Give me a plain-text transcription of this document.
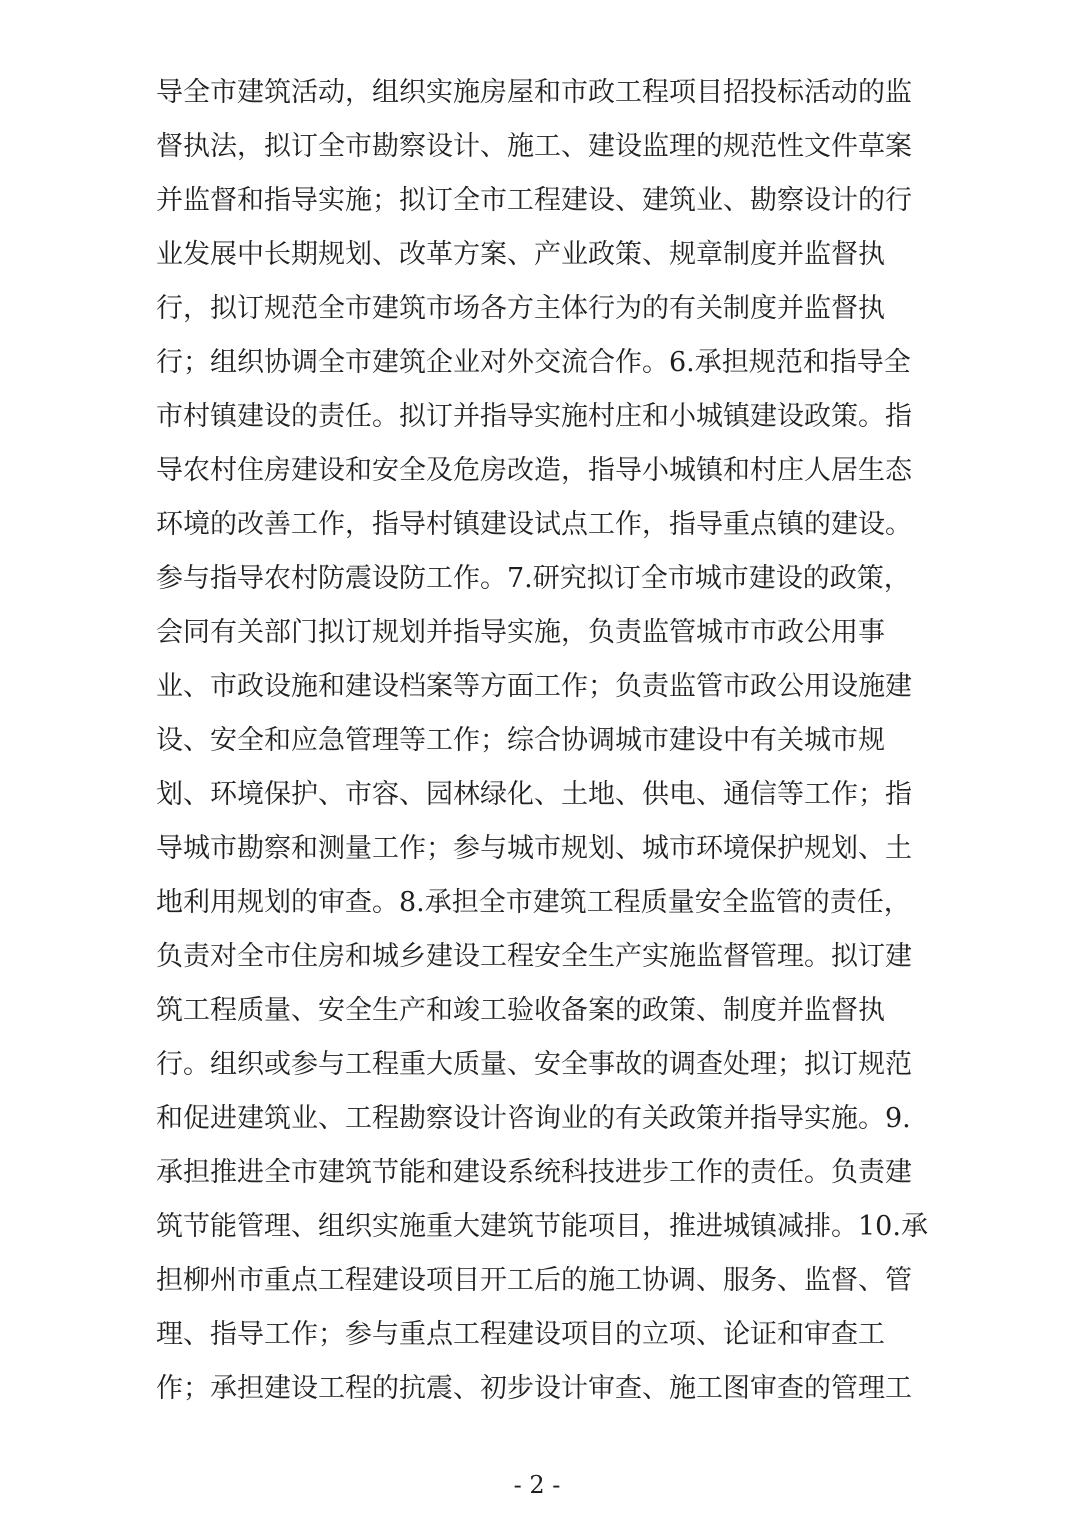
导全市建筑活动，组织实施房屋和市政工程项目招投标活动的监
督执法，拟订全市勘察设计、施工、建设监理的规范性文件草案
并监督和指导实施；拟订全市工程建设、建筑业、勘察设计的行
业发展中长期规划、改革方案、产业政策、规章制度并监督执
行，拟订规范全市建筑市场各方主体行为的有关制度并监督执
行；组织协调全市建筑企业对外交流合作。6.承担规范和指导全
市村镇建设的责任。拟订并指导实施村庄和小城镇建设政策。指
导农村住房建设和安全及危房改造，指导小城镇和村庄人居生态
环境的改善工作，指导村镇建设试点工作，指导重点镇的建设。
参与指导农村防震设防工作。7.研究拟订全市城市建设的政策，
会同有关部门拟订规划并指导实施，负责监管城市市政公用事
业、市政设施和建设档案等方面工作；负责监管市政公用设施建
设、安全和应急管理等工作；综合协调城市建设中有关城市规
划、环境保护、市容、园林绿化、土地、供电、通信等工作；指
导城市勘察和测量工作；参与城市规划、城市环境保护规划、土
地利用规划的审查。8.承担全市建筑工程质量安全监管的责任，
负责对全市住房和城乡建设工程安全生产实施监督管理。拟订建
筑工程质量、安全生产和竣工验收备案的政策、制度并监督执
行。组织或参与工程重大质量、安全事故的调查处理；拟订规范
和促进建筑业、工程勘察设计咨询业的有关政策并指导实施。9.
承担推进全市建筑节能和建设系统科技进步工作的责任。负责建
筑节能管理、组织实施重大建筑节能项目，推进城镇减排。10.承
担柳州市重点工程建设项目开工后的施工协调、服务、监督、管
理、指导工作；参与重点工程建设项目的立项、论证和审查工
作；承担建设工程的抗震、初步设计审查、施工图审查的管理工
- 2 -
